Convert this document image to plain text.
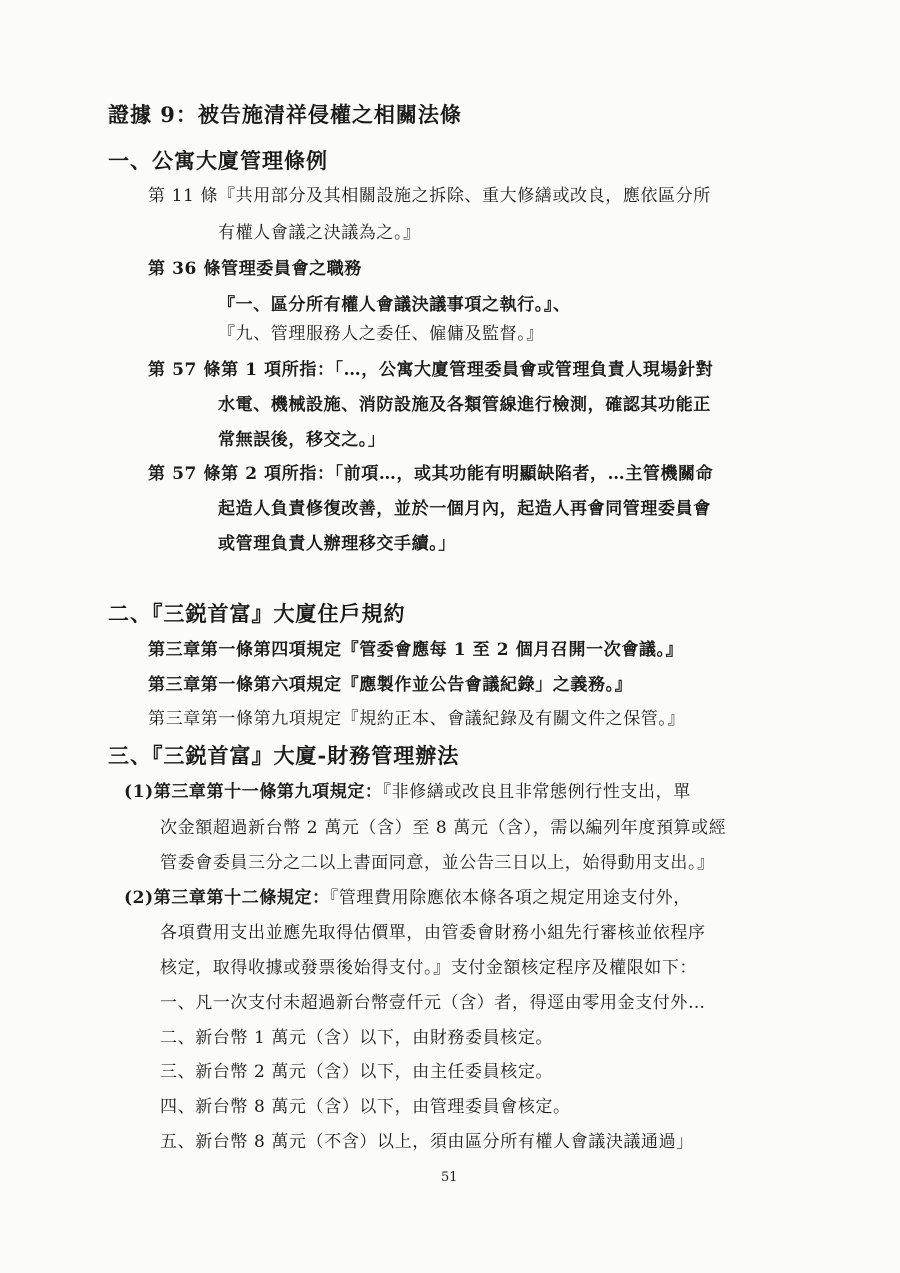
證據 9：被告施清祥侵權之相關法條
一、公寓大廈管理條例
第 11 條『共用部分及其相關設施之拆除、重大修繕或改良，應依區分所
有權人會議之決議為之。』
第 36 條管理委員會之職務
『一、區分所有權人會議決議事項之執行。』、
『九、管理服務人之委任、僱傭及監督。』
第 57 條第 1 項所指：「…，公寓大廈管理委員會或管理負責人現場針對
水電、機械設施、消防設施及各類管線進行檢測，確認其功能正
常無誤後，移交之。」
第 57 條第 2 項所指：「前項…，或其功能有明顯缺陷者，…主管機關命
起造人負責修復改善，並於一個月內，起造人再會同管理委員會
或管理負責人辦理移交手續。」
二、『三鋭首富』大廈住戶規約
第三章第一條第四項規定『管委會應每 1 至 2 個月召開一次會議。』
第三章第一條第六項規定『應製作並公告會議紀錄」之義務。』
第三章第一條第九項規定『規約正本、會議紀錄及有關文件之保管。』
三、『三鋭首富』大廈-財務管理辦法
(1)第三章第十一條第九項規定：『非修繕或改良且非常態例行性支出，單
次金額超過新台幣 2 萬元（含）至 8 萬元（含），需以編列年度預算或經
管委會委員三分之二以上書面同意，並公告三日以上，始得動用支出。』
(2)第三章第十二條規定：『管理費用除應依本條各項之規定用途支付外，
各項費用支出並應先取得估價單，由管委會財務小組先行審核並依程序
核定，取得收據或發票後始得支付。』支付金額核定程序及權限如下：
一、凡一次支付未超過新台幣壹仟元（含）者，得逕由零用金支付外…
二、新台幣 1 萬元（含）以下，由財務委員核定。
三、新台幣 2 萬元（含）以下，由主任委員核定。
四、新台幣 8 萬元（含）以下，由管理委員會核定。
五、新台幣 8 萬元（不含）以上，須由區分所有權人會議決議通過」
51
